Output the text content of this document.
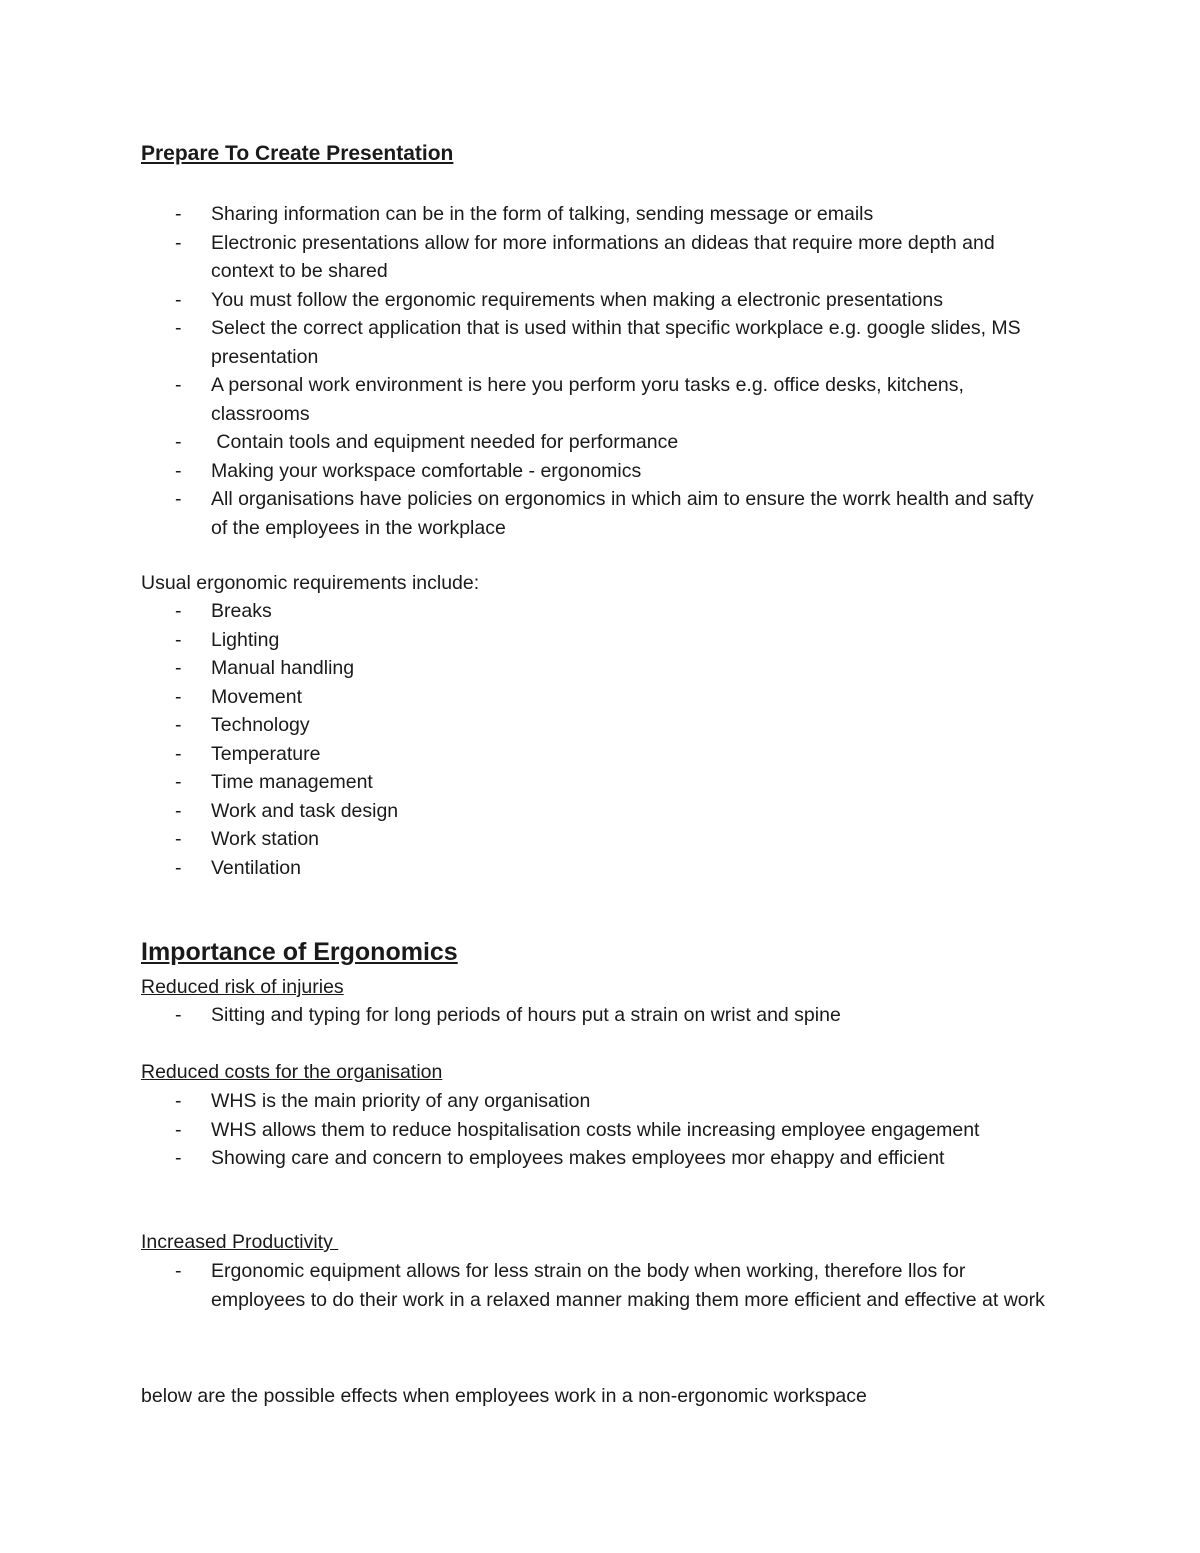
Prepare To Create Presentation
- Sharing information can be in the form of talking, sending message or emails
- Electronic presentations allow for more informations an dideas that require more depth and context to be shared
- You must follow the ergonomic requirements when making a electronic presentations
- Select the correct application that is used within that specific workplace e.g. google slides, MS presentation
- A personal work environment is here you perform yoru tasks e.g. office desks, kitchens, classrooms
- Contain tools and equipment needed for performance
- Making your workspace comfortable - ergonomics
- All organisations have policies on ergonomics in which aim to ensure the worrk health and safty of the employees in the workplace

Usual ergonomic requirements include:

- Breaks
- Lighting
- Manual handling
- Movement
- Technology
- Temperature
- Time management
- Work and task design
- Work station
- Ventilation
Importance of Ergonomics

Reduced risk of injuries

- Sitting and typing for long periods of hours put a strain on wrist and spine

Reduced costs for the organisation

- WHS is the main priority of any organisation
- WHS allows them to reduce hospitalisation costs while increasing employee engagement
- Showing care and concern to employees makes employees mor ehappy and efficient

Increased Productivity

- Ergonomic equipment allows for less strain on the body when working, therefore llos for employees to do their work in a relaxed manner making them more efficient and effective at work

below are the possible effects when employees work in a non-ergonomic workspace
